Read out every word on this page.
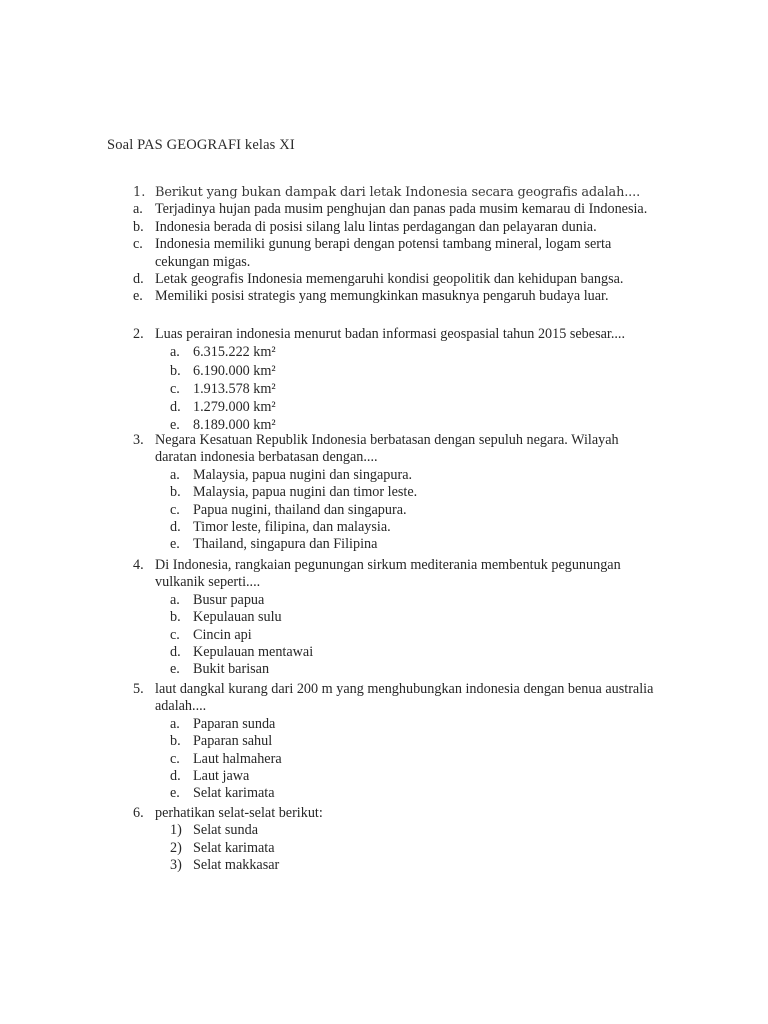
Soal PAS GEOGRAFI kelas XI
1. Berikut yang bukan dampak dari letak Indonesia secara geografis adalah....
a. Terjadinya hujan pada musim penghujan dan panas pada musim kemarau di Indonesia.
b. Indonesia berada di posisi silang lalu lintas perdagangan dan pelayaran dunia.
c. Indonesia memiliki gunung berapi dengan potensi tambang mineral, logam serta
cekungan migas.
d. Letak geografis Indonesia memengaruhi kondisi geopolitik dan kehidupan bangsa.
e. Memiliki posisi strategis yang memungkinkan masuknya pengaruh budaya luar.
2. Luas perairan indonesia menurut badan informasi geospasial tahun 2015 sebesar....
a. 6.315.222 km²
b. 6.190.000 km²
c. 1.913.578 km²
d. 1.279.000 km²
e. 8.189.000 km²
3. Negara Kesatuan Republik Indonesia berbatasan dengan sepuluh negara. Wilayah
daratan indonesia berbatasan dengan....
a. Malaysia, papua nugini dan singapura.
b. Malaysia, papua nugini dan timor leste.
c. Papua nugini, thailand dan singapura.
d. Timor leste, filipina, dan malaysia.
e. Thailand, singapura dan Filipina
4. Di Indonesia, rangkaian pegunungan sirkum mediterania membentuk pegunungan
vulkanik seperti....
a. Busur papua
b. Kepulauan sulu
c. Cincin api
d. Kepulauan mentawai
e. Bukit barisan
5. laut dangkal kurang dari 200 m yang menghubungkan indonesia dengan benua australia
adalah....
a. Paparan sunda
b. Paparan sahul
c. Laut halmahera
d. Laut jawa
e. Selat karimata
6. perhatikan selat-selat berikut:
1) Selat sunda
2) Selat karimata
3) Selat makkasar
